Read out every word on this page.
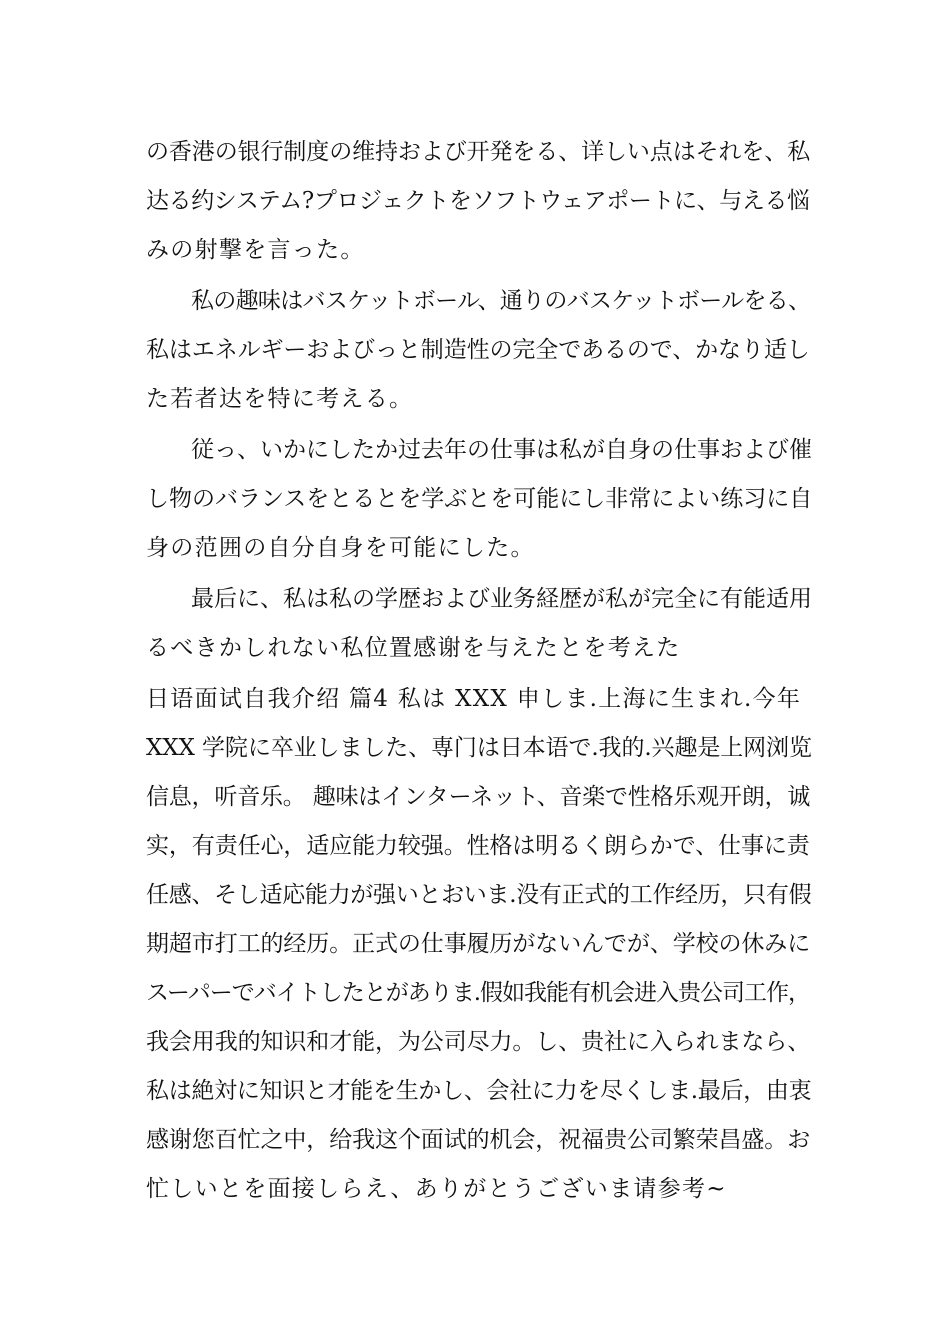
の香港の银行制度の维持および开発をる、详しい点はそれを、私
达る约システム?プロジェクトをソフトウェアポートに、与える悩
みの射撃を言った。
私の趣味はバスケットボール、通りのバスケットボールをる、
私はエネルギーおよびっと制造性の完全であるので、かなり适し
た若者达を特に考える。
従っ、いかにしたか过去年の仕事は私が自身の仕事および催
し物のバランスをとるとを学ぶとを可能にし非常によい练习に自
身の范囲の自分自身を可能にした。
最后に、私は私の学歴および业务経歴が私が完全に有能适用
るべきかしれない私位置感谢を与えたとを考えた
日语面试自我介绍 篇4 私は XXX 申しま.上海に生まれ.今年
XXX 学院に卒业しました、専门は日本语で.我的.兴趣是上网浏览
信息，听音乐。 趣味はインターネット、音楽で性格乐观开朗，诚
实，有责任心，适应能力较强。性格は明るく朗らかで、仕事に责
任感、そし适応能力が强いとおいま.没有正式的工作经历，只有假
期超市打工的经历。正式の仕事履历がないんでが、学校の休みに
スーパーでバイトしたとがありま.假如我能有机会进入贵公司工作，
我会用我的知识和才能，为公司尽力。し、贵社に入られまなら、
私は絶対に知识と才能を生かし、会社に力を尽くしま.最后，由衷
感谢您百忙之中，给我这个面试的机会，祝福贵公司繁荣昌盛。お
忙しいとを面接しらえ、ありがとうございま请参考~
